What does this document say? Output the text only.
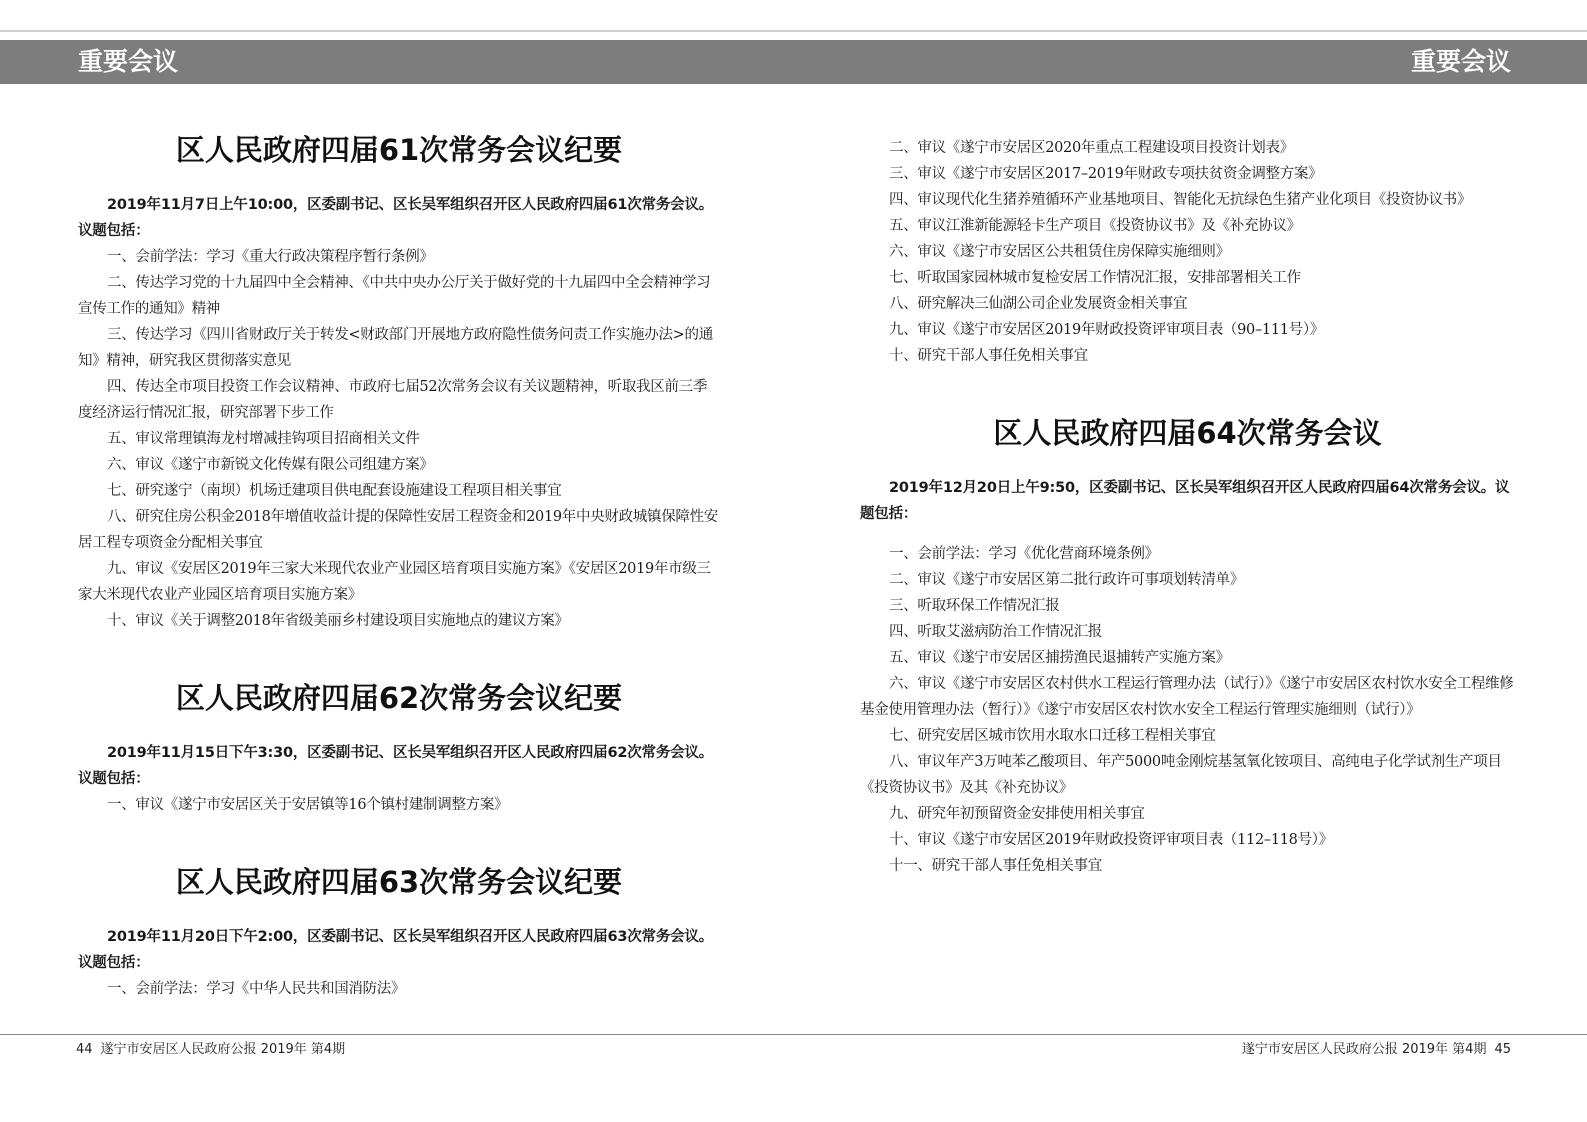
重要会议	重要会议
区人民政府四届61次常务会议纪要

2019年11月7日上午10:00，区委副书记、区长吴军组织召开区人民政府四届61次常务会议。议题包括：

一、会前学法：学习《重大行政决策程序暂行条例》

二、传达学习党的十九届四中全会精神、《中共中央办公厅关于做好党的十九届四中全会精神学习宣传工作的通知》精神

三、传达学习《四川省财政厅关于转发<财政部门开展地方政府隐性债务问责工作实施办法>的通知》精神，研究我区贯彻落实意见

四、传达全市项目投资工作会议精神、市政府七届52次常务会议有关议题精神，听取我区前三季度经济运行情况汇报，研究部署下步工作

五、审议常理镇海龙村增减挂钩项目招商相关文件

六、审议《遂宁市新锐文化传媒有限公司组建方案》

七、研究遂宁（南坝）机场迁建项目供电配套设施建设工程项目相关事宜

八、研究住房公积金2018年增值收益计提的保障性安居工程资金和2019年中央财政城镇保障性安居工程专项资金分配相关事宜

九、审议《安居区2019年三家大米现代农业产业园区培育项目实施方案》《安居区2019年市级三家大米现代农业产业园区培育项目实施方案》

十、审议《关于调整2018年省级美丽乡村建设项目实施地点的建议方案》

区人民政府四届62次常务会议纪要

2019年11月15日下午3:30，区委副书记、区长吴军组织召开区人民政府四届62次常务会议。议题包括：

一、审议《遂宁市安居区关于安居镇等16个镇村建制调整方案》

区人民政府四届63次常务会议纪要

2019年11月20日下午2:00，区委副书记、区长吴军组织召开区人民政府四届63次常务会议。议题包括：

一、会前学法：学习《中华人民共和国消防法》

二、审议《遂宁市安居区2020年重点工程建设项目投资计划表》

三、审议《遂宁市安居区2017–2019年财政专项扶贫资金调整方案》

四、审议现代化生猪养殖循环产业基地项目、智能化无抗绿色生猪产业化项目《投资协议书》

五、审议江淮新能源轻卡生产项目《投资协议书》及《补充协议》

六、审议《遂宁市安居区公共租赁住房保障实施细则》

七、听取国家园林城市复检安居工作情况汇报，安排部署相关工作

八、研究解决三仙湖公司企业发展资金相关事宜

九、审议《遂宁市安居区2019年财政投资评审项目表（90–111号）》

十、研究干部人事任免相关事宜

区人民政府四届64次常务会议

2019年12月20日上午9:50，区委副书记、区长吴军组织召开区人民政府四届64次常务会议。议题包括：

一、会前学法：学习《优化营商环境条例》

二、审议《遂宁市安居区第二批行政许可事项划转清单》

三、听取环保工作情况汇报

四、听取艾滋病防治工作情况汇报

五、审议《遂宁市安居区捕捞渔民退捕转产实施方案》

六、审议《遂宁市安居区农村供水工程运行管理办法（试行）》《遂宁市安居区农村饮水安全工程维修基金使用管理办法（暂行）》《遂宁市安居区农村饮水安全工程运行管理实施细则（试行）》

七、研究安居区城市饮用水取水口迁移工程相关事宜

八、审议年产3万吨苯乙酸项目、年产5000吨金刚烷基氢氧化铵项目、高纯电子化学试剂生产项目《投资协议书》及其《补充协议》

九、研究年初预留资金安排使用相关事宜

十、审议《遂宁市安居区2019年财政投资评审项目表（112–118号）》

十一、研究干部人事任免相关事宜

44 遂宁市安居区人民政府公报 2019年 第4期	遂宁市安居区人民政府公报 2019年 第4期 45
